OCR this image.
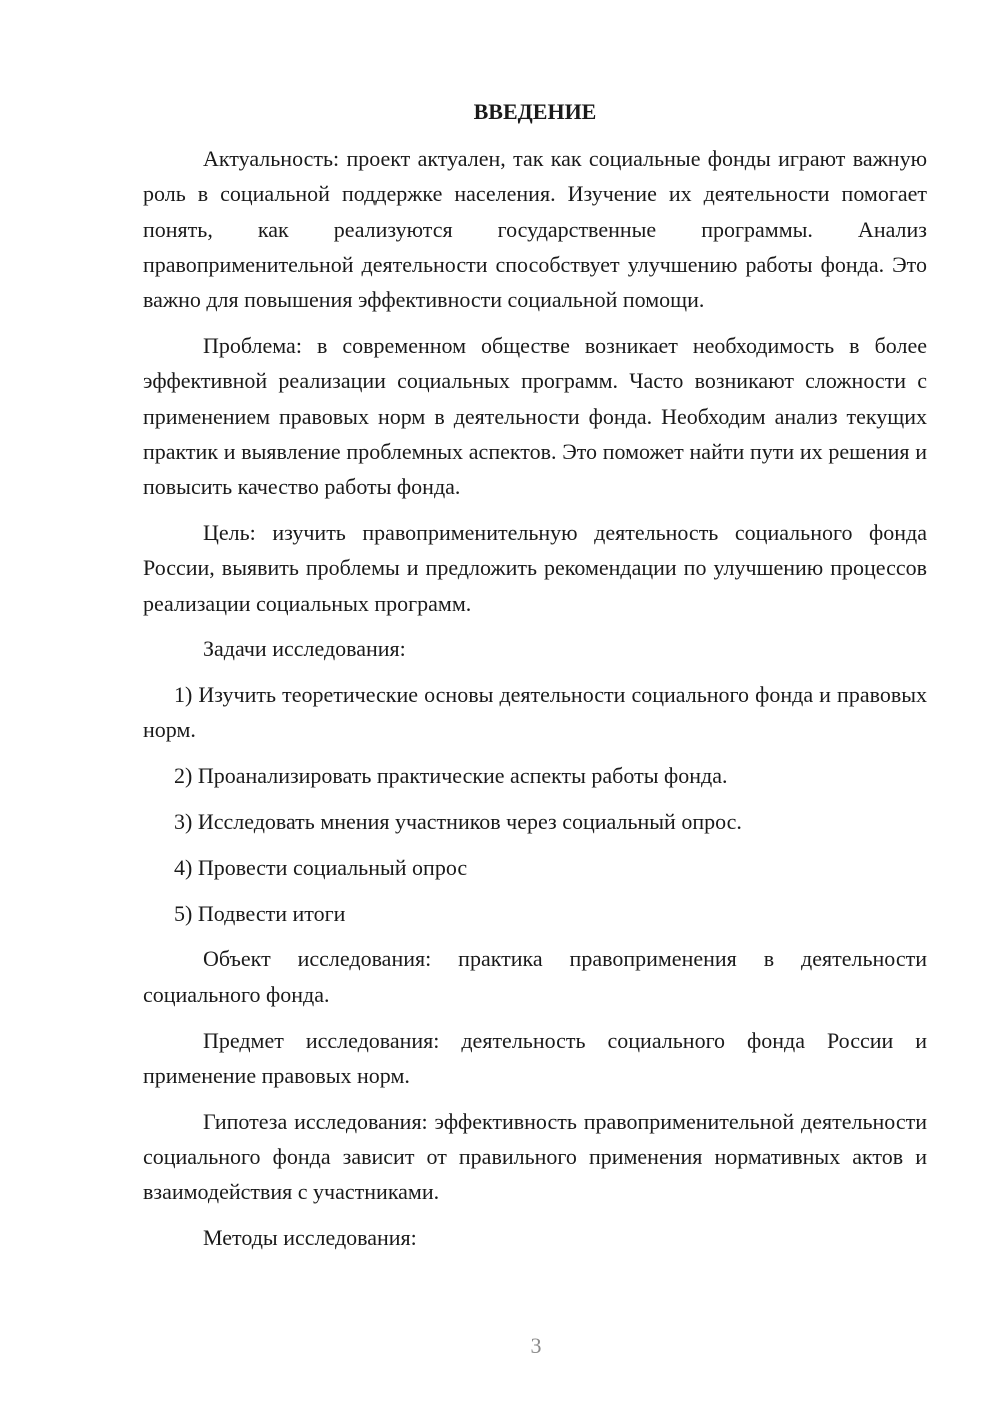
ВВЕДЕНИЕ

Актуальность: проект актуален, так как социальные фонды играют важную роль в социальной поддержке населения. Изучение их деятельности помогает понять, как реализуются государственные программы. Анализ правоприменительной деятельности способствует улучшению работы фонда. Это важно для повышения эффективности социальной помощи.

Проблема: в современном обществе возникает необходимость в более эффективной реализации социальных программ. Часто возникают сложности с применением правовых норм в деятельности фонда. Необходим анализ текущих практик и выявление проблемных аспектов. Это поможет найти пути их решения и повысить качество работы фонда.

Цель: изучить правоприменительную деятельность социального фонда России, выявить проблемы и предложить рекомендации по улучшению процессов реализации социальных программ.

Задачи исследования:

1) Изучить теоретические основы деятельности социального фонда и правовых норм.

2) Проанализировать практические аспекты работы фонда.

3) Исследовать мнения участников через социальный опрос.

4) Провести социальный опрос

5) Подвести итоги

Объект исследования: практика правоприменения в деятельности социального фонда.

Предмет исследования: деятельность социального фонда России и применение правовых норм.

Гипотеза исследования: эффективность правоприменительной деятельности социального фонда зависит от правильного применения нормативных актов и взаимодействия с участниками.

Методы исследования:

3
